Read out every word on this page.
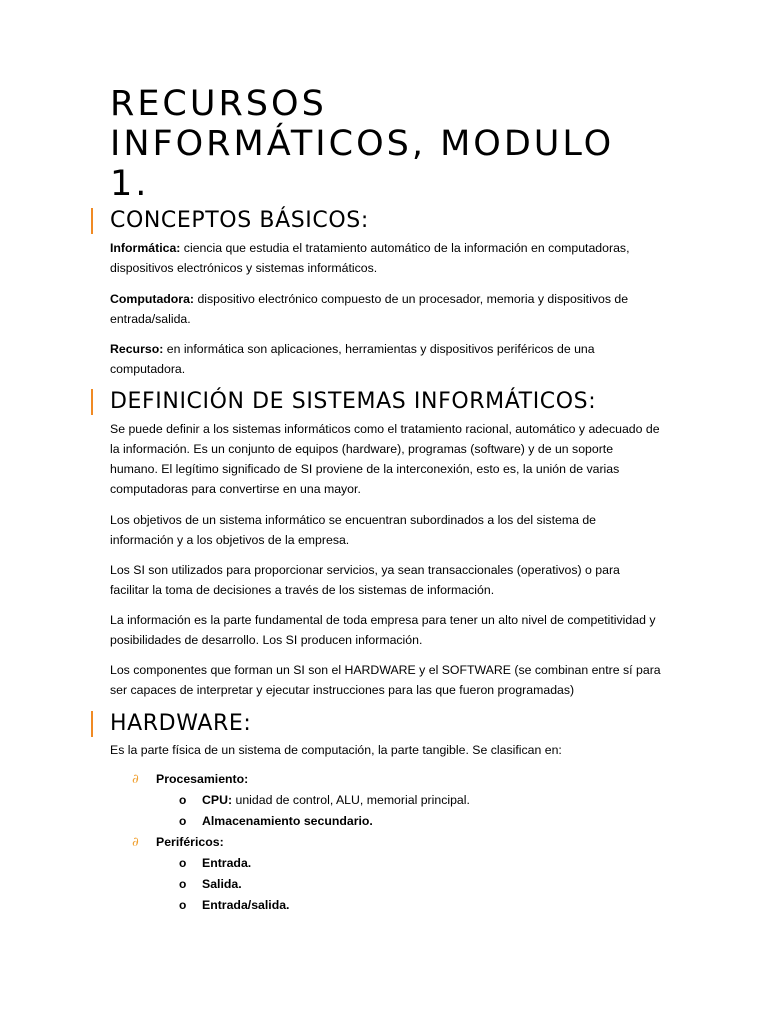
RECURSOS
INFORMÁTICOS, MODULO
1.
CONCEPTOS BÁSICOS:

Informática: ciencia que estudia el tratamiento automático de la información en computadoras, dispositivos electrónicos y sistemas informáticos.

Computadora: dispositivo electrónico compuesto de un procesador, memoria y dispositivos de entrada/salida.

Recurso: en informática son aplicaciones, herramientas y dispositivos periféricos de una computadora.

DEFINICIÓN DE SISTEMAS INFORMÁTICOS:

Se puede definir a los sistemas informáticos como el tratamiento racional, automático y adecuado de la información. Es un conjunto de equipos (hardware), programas (software) y de un soporte humano. El legítimo significado de SI proviene de la interconexión, esto es, la unión de varias computadoras para convertirse en una mayor.

Los objetivos de un sistema informático se encuentran subordinados a los del sistema de información y a los objetivos de la empresa.

Los SI son utilizados para proporcionar servicios, ya sean transaccionales (operativos) o para facilitar la toma de decisiones a través de los sistemas de información.

La información es la parte fundamental de toda empresa para tener un alto nivel de competitividad y posibilidades de desarrollo. Los SI producen información.

Los componentes que forman un SI son el HARDWARE y el SOFTWARE (se combinan entre sí para ser capaces de interpretar y ejecutar instrucciones para las que fueron programadas)

HARDWARE:

Es la parte física de un sistema de computación, la parte tangible. Se clasifican en:

∂ Procesamiento:
o CPU: unidad de control, ALU, memorial principal.
o Almacenamiento secundario.
∂ Periféricos:
o Entrada.
o Salida.
o Entrada/salida.
